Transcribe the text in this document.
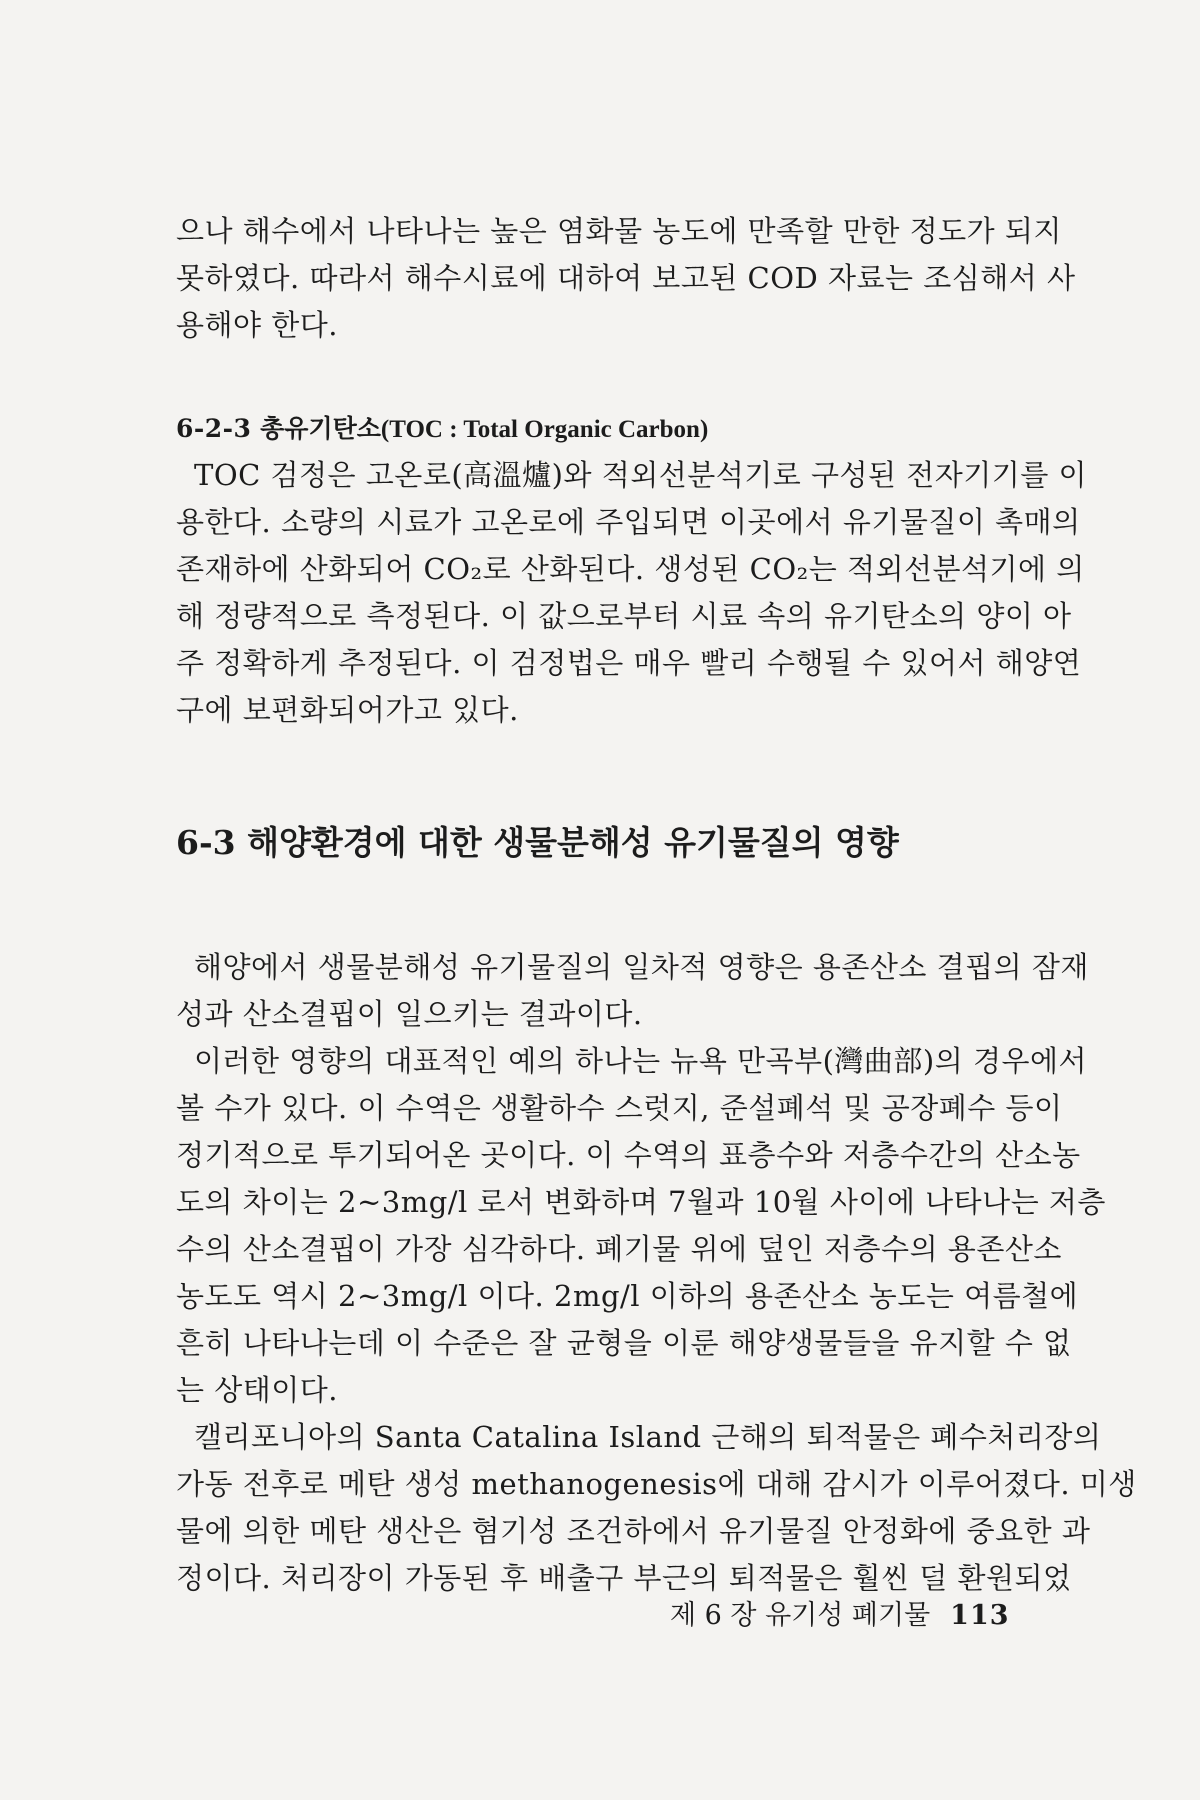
으나 해수에서 나타나는 높은 염화물 농도에 만족할 만한 정도가 되지

못하였다. 따라서 해수시료에 대하여 보고된 COD 자료는 조심해서 사

용해야 한다.

6-2-3 총유기탄소(TOC : Total Organic Carbon)

TOC 검정은 고온로(高溫爐)와 적외선분석기로 구성된 전자기기를 이

용한다. 소량의 시료가 고온로에 주입되면 이곳에서 유기물질이 촉매의

존재하에 산화되어 CO₂로 산화된다. 생성된 CO₂는 적외선분석기에 의

해 정량적으로 측정된다. 이 값으로부터 시료 속의 유기탄소의 양이 아

주 정확하게 추정된다. 이 검정법은 매우 빨리 수행될 수 있어서 해양연

구에 보편화되어가고 있다.

6-3 해양환경에 대한 생물분해성 유기물질의 영향

해양에서 생물분해성 유기물질의 일차적 영향은 용존산소 결핍의 잠재

성과 산소결핍이 일으키는 결과이다.

이러한 영향의 대표적인 예의 하나는 뉴욕 만곡부(灣曲部)의 경우에서

볼 수가 있다. 이 수역은 생활하수 스럿지, 준설폐석 및 공장폐수 등이

정기적으로 투기되어온 곳이다. 이 수역의 표층수와 저층수간의 산소농

도의 차이는 2~3mg/l 로서 변화하며 7월과 10월 사이에 나타나는 저층

수의 산소결핍이 가장 심각하다. 폐기물 위에 덮인 저층수의 용존산소

농도도 역시 2~3mg/l 이다. 2mg/l 이하의 용존산소 농도는 여름철에

흔히 나타나는데 이 수준은 잘 균형을 이룬 해양생물들을 유지할 수 없

는 상태이다.

캘리포니아의 Santa Catalina Island 근해의 퇴적물은 폐수처리장의

가동 전후로 메탄 생성 methanogenesis에 대해 감시가 이루어졌다. 미생

물에 의한 메탄 생산은 혐기성 조건하에서 유기물질 안정화에 중요한 과

정이다. 처리장이 가동된 후 배출구 부근의 퇴적물은 훨씬 덜 환원되었

제 6 장 유기성 폐기물 113
